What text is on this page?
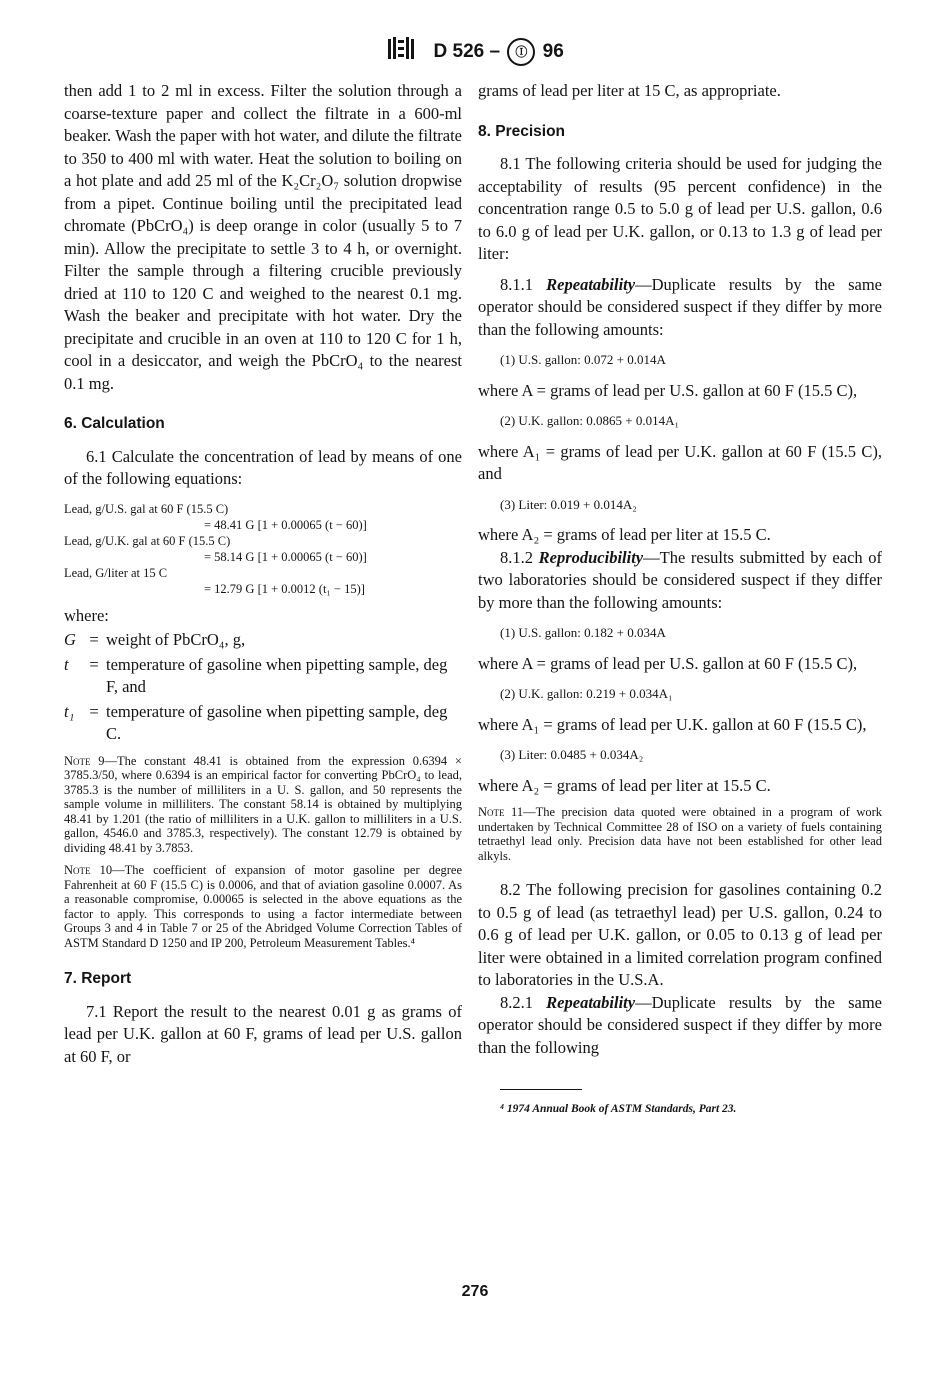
D 526 – Ⓘ 96

then add 1 to 2 ml in excess. Filter the solution through a coarse-texture paper and collect the filtrate in a 600-ml beaker. Wash the paper with hot water, and dilute the filtrate to 350 to 400 ml with water. Heat the solution to boiling on a hot plate and add 25 ml of the K₂Cr₂O₇ solution dropwise from a pipet. Continue boiling until the precipitated lead chromate (PbCrO₄) is deep orange in color (usually 5 to 7 min). Allow the precipitate to settle 3 to 4 h, or overnight. Filter the sample through a filtering crucible previously dried at 110 to 120 C and weighed to the nearest 0.1 mg. Wash the beaker and precipitate with hot water. Dry the precipitate and crucible in an oven at 110 to 120 C for 1 h, cool in a desiccator, and weigh the PbCrO₄ to the nearest 0.1 mg.

6. Calculation

6.1 Calculate the concentration of lead by means of one of the following equations:

Lead, g/U.S. gal at 60 F (15.5 C)
= 48.41 G [1 + 0.00065 (t − 60)]
Lead, g/U.K. gal at 60 F (15.5 C)
= 58.14 G [1 + 0.00065 (t − 60)]
Lead, G/liter at 15 C
= 12.79 G [1 + 0.0012 (t₁ − 15)]
where:
G = weight of PbCrO₄, g,
t	= temperature of gasoline when pipetting sample, deg F, and
t₁ = temperature of gasoline when pipetting sample, deg C.
Note 9—The constant 48.41 is obtained from the expression 0.6394 × 3785.3/50, where 0.6394 is an empirical factor for converting PbCrO₄ to lead, 3785.3 is the number of milliliters in a U. S. gallon, and 50 represents the sample volume in milliliters. The constant 58.14 is obtained by multiplying 48.41 by 1.201 (the ratio of milliliters in a U.K. gallon to milliliters in a U.S. gallon, 4546.0 and 3785.3, respectively). The constant 12.79 is obtained by dividing 48.41 by 3.7853.
Note 10—The coefficient of expansion of motor gasoline per degree Fahrenheit at 60 F (15.5 C) is 0.0006, and that of aviation gasoline 0.0007. As a reasonable compromise, 0.00065 is selected in the above equations as the factor to apply. This corresponds to using a factor intermediate between Groups 3 and 4 in Table 7 or 25 of the Abridged Volume Correction Tables of ASTM Standard D 1250 and IP 200, Petroleum Measurement Tables.⁴
7. Report

7.1 Report the result to the nearest 0.01 g as grams of lead per U.K. gallon at 60 F, grams of lead per U.S. gallon at 60 F, or

grams of lead per liter at 15 C, as appropriate.

8. Precision

8.1 The following criteria should be used for judging the acceptability of results (95 percent confidence) in the concentration range 0.5 to 5.0 g of lead per U.S. gallon, 0.6 to 6.0 g of lead per U.K. gallon, or 0.13 to 1.3 g of lead per liter:

8.1.1 Repeatability—Duplicate results by the same operator should be considered suspect if they differ by more than the following amounts:

(1) U.S. gallon: 0.072 + 0.014A

where A = grams of lead per U.S. gallon at 60 F (15.5 C),

(2) U.K. gallon: 0.0865 + 0.014A₁

where A₁ = grams of lead per U.K. gallon at 60 F (15.5 C), and

(3) Liter: 0.019 + 0.014A₂

where A₂ = grams of lead per liter at 15.5 C.

8.1.2 Reproducibility—The results submitted by each of two laboratories should be considered suspect if they differ by more than the following amounts:

(1) U.S. gallon: 0.182 + 0.034A

where A = grams of lead per U.S. gallon at 60 F (15.5 C),

(2) U.K. gallon: 0.219 + 0.034A₁

where A₁ = grams of lead per U.K. gallon at 60 F (15.5 C),

(3) Liter: 0.0485 + 0.034A₂

where A₂ = grams of lead per liter at 15.5 C.

Note 11—The precision data quoted were obtained in a program of work undertaken by Technical Committee 28 of ISO on a variety of fuels containing tetraethyl lead only. Precision data have not been established for other lead alkyls.

8.2 The following precision for gasolines containing 0.2 to 0.5 g of lead (as tetraethyl lead) per U.S. gallon, 0.24 to 0.6 g of lead per U.K. gallon, or 0.05 to 0.13 g of lead per liter were obtained in a limited correlation program confined to laboratories in the U.S.A.

8.2.1 Repeatability—Duplicate results by the same operator should be considered suspect if they differ by more than the following

⁴ 1974 Annual Book of ASTM Standards, Part 23.
276
